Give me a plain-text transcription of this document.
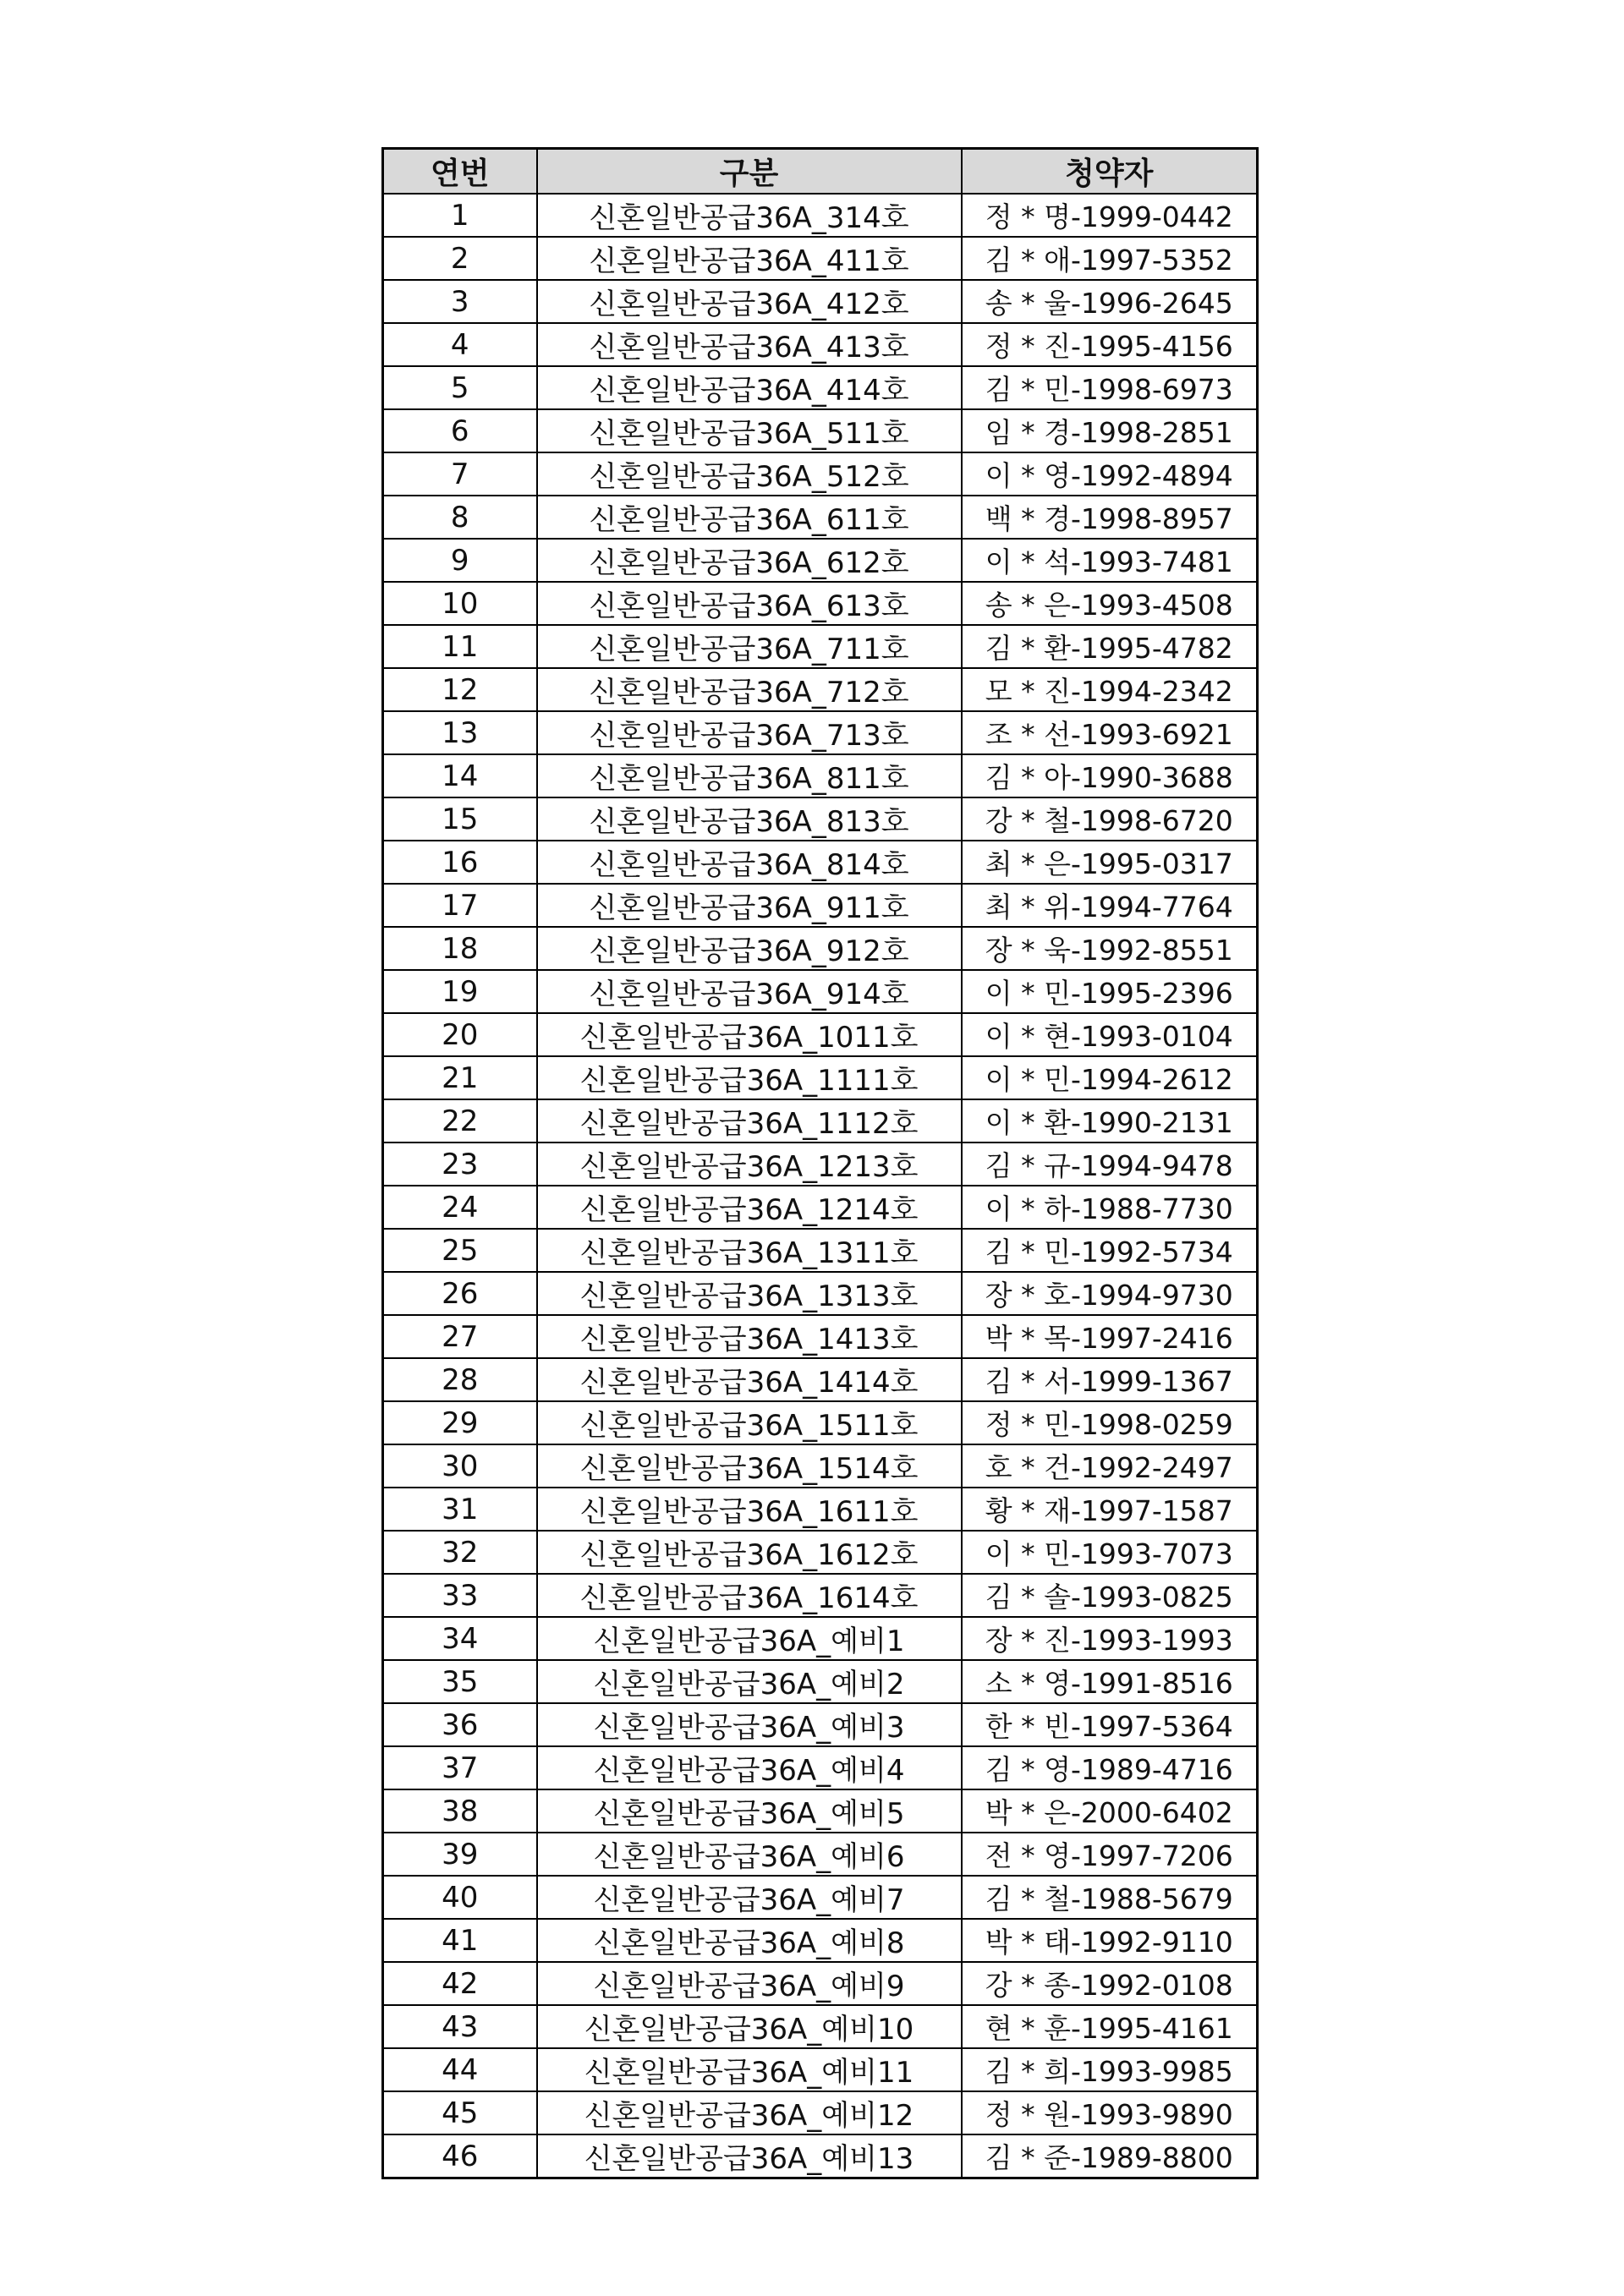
연번	구분	청약자
1	신혼일반공급36A_314호	정 * 명-1999-0442
2	신혼일반공급36A_411호	김 * 애-1997-5352
3	신혼일반공급36A_412호	송 * 울-1996-2645
4	신혼일반공급36A_413호	정 * 진-1995-4156
5	신혼일반공급36A_414호	김 * 민-1998-6973
6	신혼일반공급36A_511호	임 * 경-1998-2851
7	신혼일반공급36A_512호	이 * 영-1992-4894
8	신혼일반공급36A_611호	백 * 경-1998-8957
9	신혼일반공급36A_612호	이 * 석-1993-7481
10	신혼일반공급36A_613호	송 * 은-1993-4508
11	신혼일반공급36A_711호	김 * 환-1995-4782
12	신혼일반공급36A_712호	모 * 진-1994-2342
13	신혼일반공급36A_713호	조 * 선-1993-6921
14	신혼일반공급36A_811호	김 * 아-1990-3688
15	신혼일반공급36A_813호	강 * 철-1998-6720
16	신혼일반공급36A_814호	최 * 은-1995-0317
17	신혼일반공급36A_911호	최 * 위-1994-7764
18	신혼일반공급36A_912호	장 * 욱-1992-8551
19	신혼일반공급36A_914호	이 * 민-1995-2396
20	신혼일반공급36A_1011호	이 * 현-1993-0104
21	신혼일반공급36A_1111호	이 * 민-1994-2612
22	신혼일반공급36A_1112호	이 * 환-1990-2131
23	신혼일반공급36A_1213호	김 * 규-1994-9478
24	신혼일반공급36A_1214호	이 * 하-1988-7730
25	신혼일반공급36A_1311호	김 * 민-1992-5734
26	신혼일반공급36A_1313호	장 * 호-1994-9730
27	신혼일반공급36A_1413호	박 * 목-1997-2416
28	신혼일반공급36A_1414호	김 * 서-1999-1367
29	신혼일반공급36A_1511호	정 * 민-1998-0259
30	신혼일반공급36A_1514호	호 * 건-1992-2497
31	신혼일반공급36A_1611호	황 * 재-1997-1587
32	신혼일반공급36A_1612호	이 * 민-1993-7073
33	신혼일반공급36A_1614호	김 * 솔-1993-0825
34	신혼일반공급36A_예비1	장 * 진-1993-1993
35	신혼일반공급36A_예비2	소 * 영-1991-8516
36	신혼일반공급36A_예비3	한 * 빈-1997-5364
37	신혼일반공급36A_예비4	김 * 영-1989-4716
38	신혼일반공급36A_예비5	박 * 은-2000-6402
39	신혼일반공급36A_예비6	전 * 영-1997-7206
40	신혼일반공급36A_예비7	김 * 철-1988-5679
41	신혼일반공급36A_예비8	박 * 태-1992-9110
42	신혼일반공급36A_예비9	강 * 종-1992-0108
43	신혼일반공급36A_예비10	현 * 훈-1995-4161
44	신혼일반공급36A_예비11	김 * 희-1993-9985
45	신혼일반공급36A_예비12	정 * 원-1993-9890
46	신혼일반공급36A_예비13	김 * 준-1989-8800
